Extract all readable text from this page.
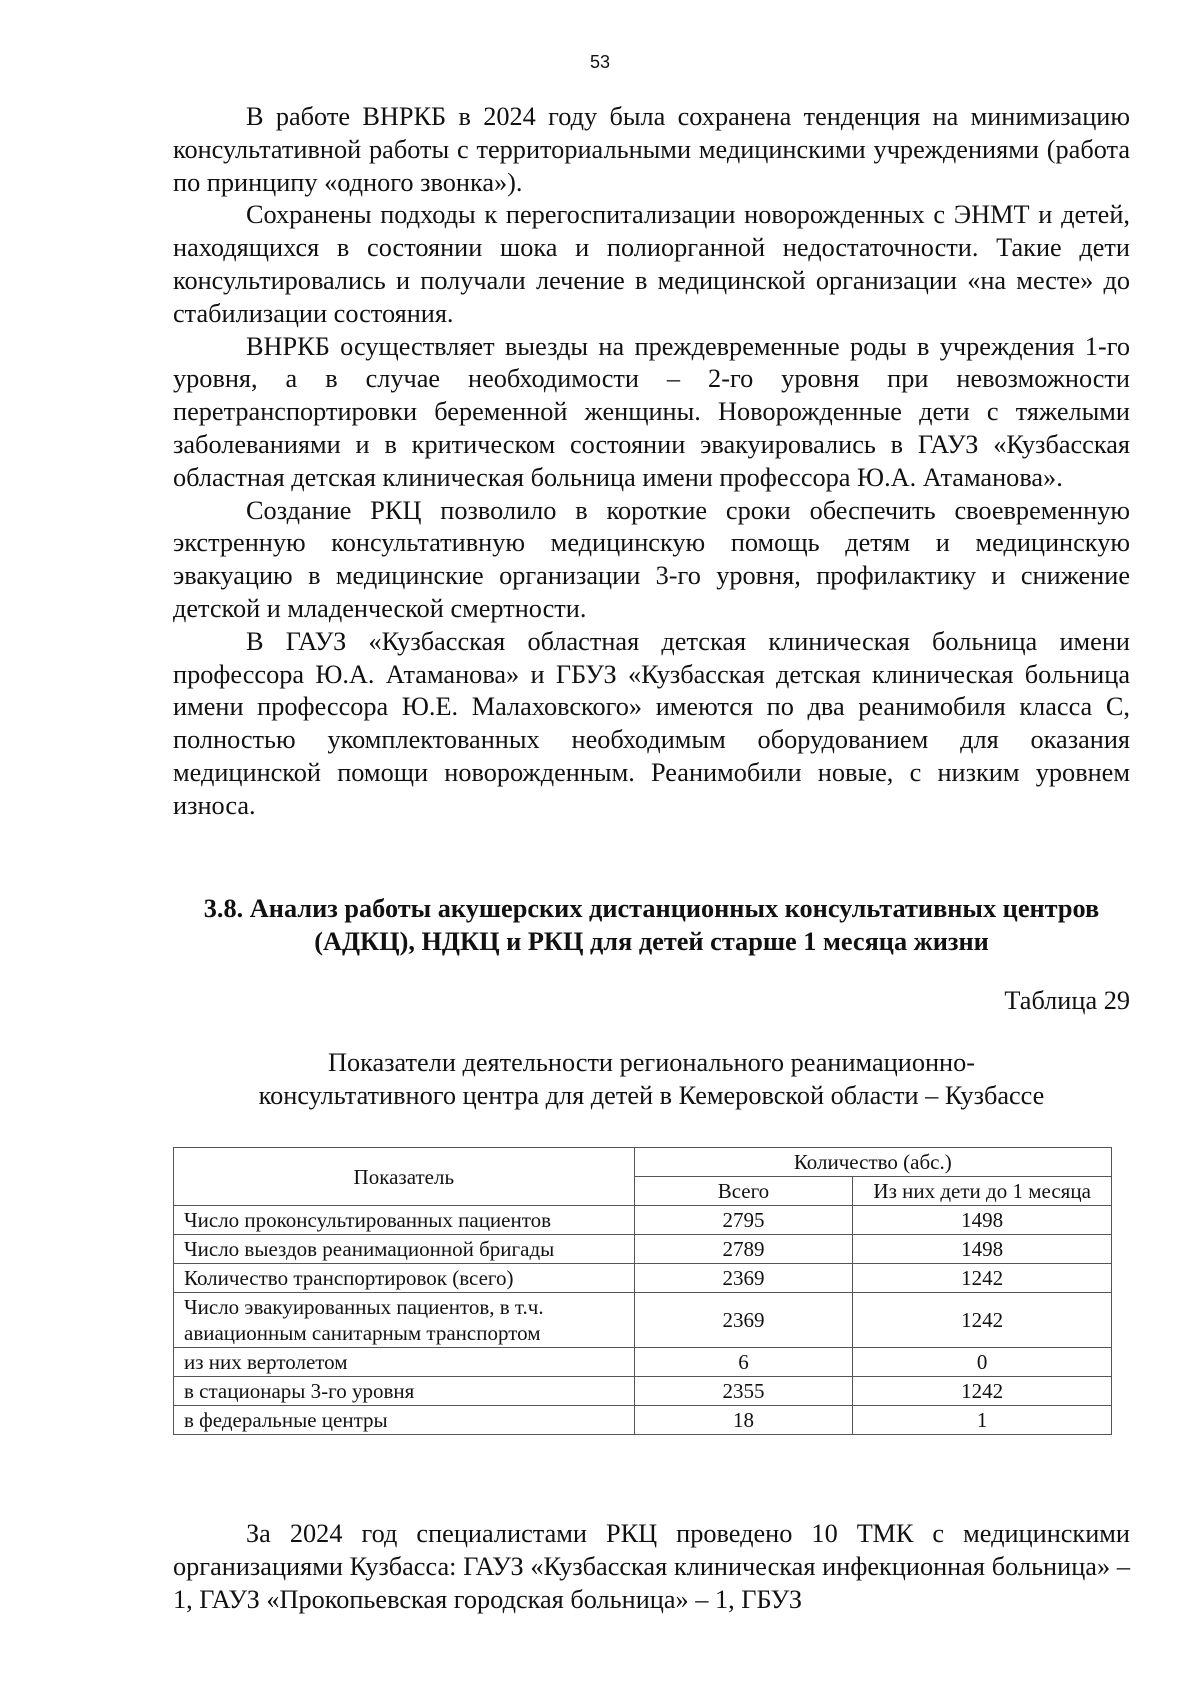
53

В работе ВНРКБ в 2024 году была сохранена тенденция на минимизацию консультативной работы с территориальными медицинскими учреждениями (работа по принципу «одного звонка»).

Сохранены подходы к перегоспитализации новорожденных с ЭНМТ и детей, находящихся в состоянии шока и полиорганной недостаточности. Такие дети консультировались и получали лечение в медицинской организации «на месте» до стабилизации состояния.

ВНРКБ осуществляет выезды на преждевременные роды в учреждения 1-го уровня, а в случае необходимости – 2-го уровня при невозможности перетранспортировки беременной женщины. Новорожденные дети с тяжелыми заболеваниями и в критическом состоянии эвакуировались в ГАУЗ «Кузбасская областная детская клиническая больница имени профессора Ю.А. Атаманова».

Создание РКЦ позволило в короткие сроки обеспечить своевременную экстренную консультативную медицинскую помощь детям и медицинскую эвакуацию в медицинские организации 3-го уровня, профилактику и снижение детской и младенческой смертности.

В ГАУЗ «Кузбасская областная детская клиническая больница имени профессора Ю.А. Атаманова» и ГБУЗ «Кузбасская детская клиническая больница имени профессора Ю.Е. Малаховского» имеются по два реанимобиля класса С, полностью укомплектованных необходимым оборудованием для оказания медицинской помощи новорожденным. Реанимобили новые, с низким уровнем износа.

3.8. Анализ работы акушерских дистанционных консультативных центров (АДКЦ), НДКЦ и РКЦ для детей старше 1 месяца жизни
Таблица 29

Показатели деятельности регионального реанимационно-
консультативного центра для детей в Кемеровской области – Кузбассе

Показатель	Количество (абс.)	
	Всего	Из них дети до 1 месяца
Число проконсультированных пациентов	2795	1498
Число выездов реанимационной бригады	2789	1498
Количество транспортировок (всего)	2369	1242
Число эвакуированных пациентов, в т.ч. авиационным санитарным транспортом	2369	1242
из них вертолетом	6	0
в стационары 3-го уровня	2355	1242
в федеральные центры	18	1

За 2024 год специалистами РКЦ проведено 10 ТМК с медицинскими организациями Кузбасса: ГАУЗ «Кузбасская клиническая инфекционная больница» – 1, ГАУЗ «Прокопьевская городская больница» – 1, ГБУЗ
